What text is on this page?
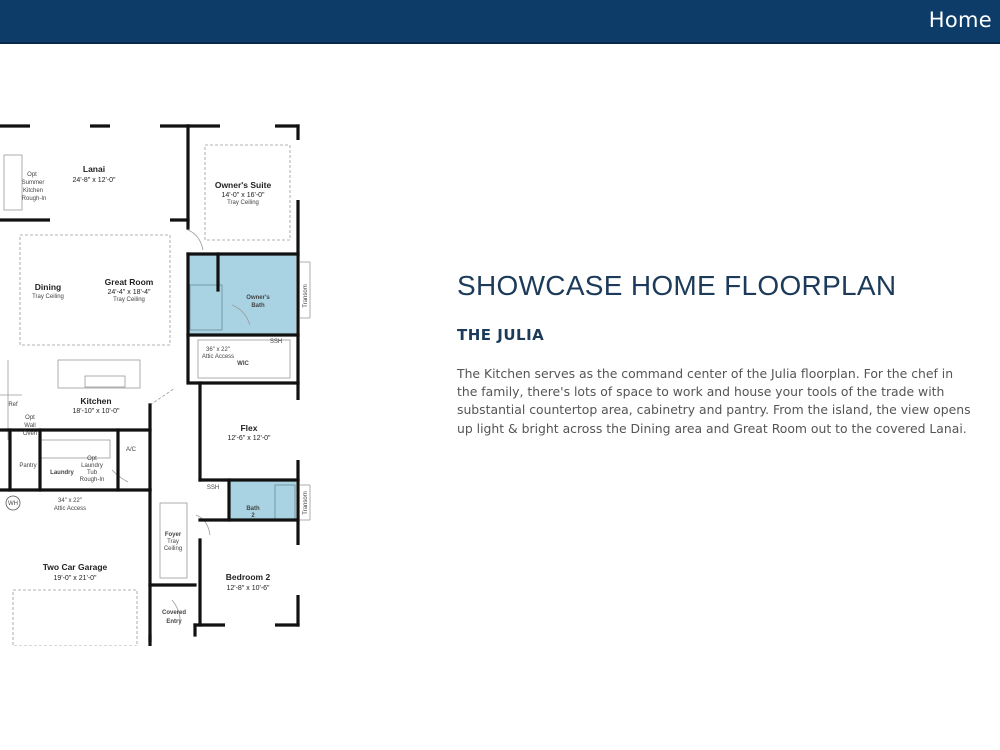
Home
Lanai
24'-8" x 12'-0"
Opt
Summer
Kitchen
Rough-In
Owner's Suite
14'-0" x 16'-0"
Tray Ceiling
Dining
Tray Ceiling
Great Room
24'-4" x 18'-4"
Tray Ceiling	Owner's
Bath
36" x 22"
Attic Access
WIC
SSH
Kitchen
18'-10" x 10'-0"
Ref
Opt
Wall
Oven
Flex
12'-6" x 12'-0"
Pantry
Laundry
Opt
Laundry
Tub
Rough-In
A/C
SSH
Bath
2
WH	34" x 22"
Attic Access
Foyer
Tray
Ceiling
Two Car Garage
19'-0" x 21'-0"	Bedroom 2
12'-8" x 10'-6"
Covered
Entry
Transom
Transom
SHOWCASE HOME FLOORPLAN
THE JULIA

The Kitchen serves as the command center of the Julia floorplan. For the chef in the family, there's lots of space to work and house your tools of the trade with substantial countertop area, cabinetry and pantry. From the island, the view opens up light & bright across the Dining area and Great Room out to the covered Lanai.
